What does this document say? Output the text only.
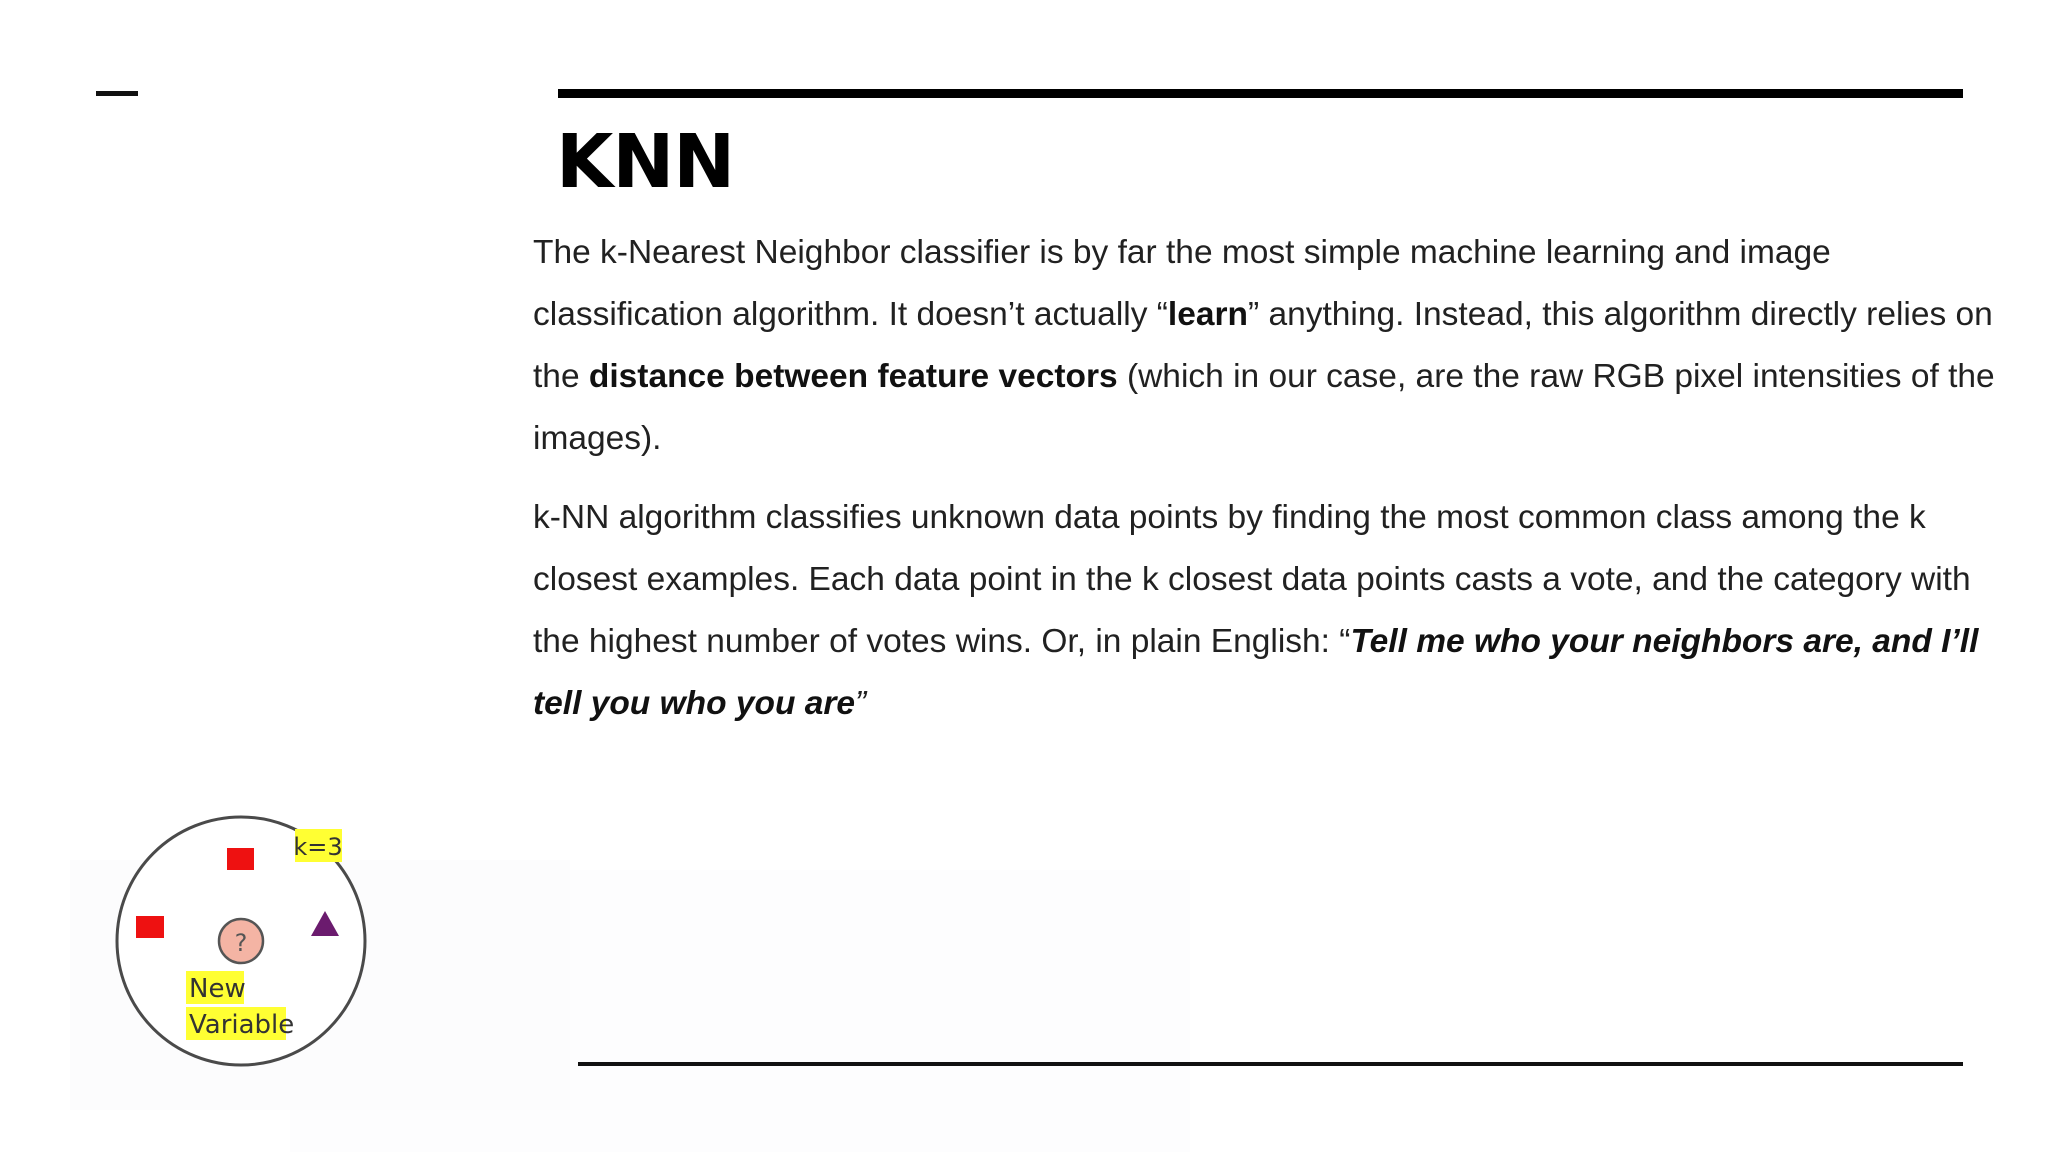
KNN

The k-Nearest Neighbor classifier is by far the most simple machine learning and image classification algorithm. It doesn’t actually “learn” anything. Instead, this algorithm directly relies on the distance between feature vectors (which in our case, are the raw RGB pixel intensities of the images).

k-NN algorithm classifies unknown data points by finding the most common class among the k closest examples. Each data point in the k closest data points casts a vote, and the category with the highest number of votes wins. Or, in plain English: “Tell me who your neighbors are, and I’ll tell you who you are”

?
k=3
New
Variable
